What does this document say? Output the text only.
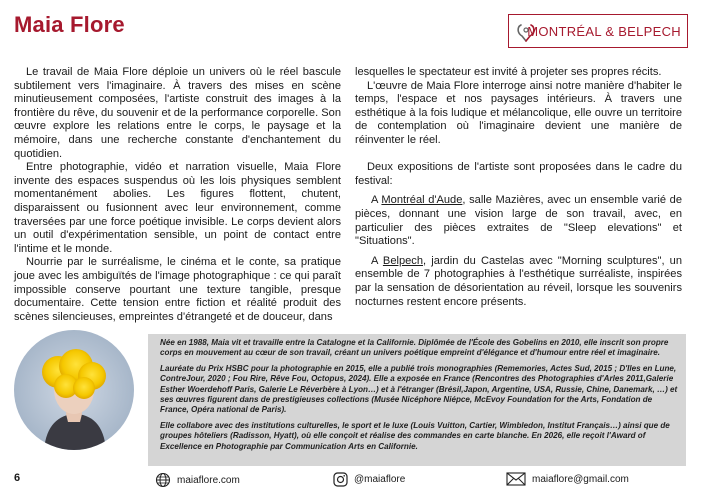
Maia Flore	MONTRÉAL & BELPECH

Le travail de Maia Flore déploie un univers où le réel bascule subtilement vers l'imaginaire. À travers des mises en scène minutieusement composées, l'artiste construit des images à la frontière du rêve, du souvenir et de la performance corporelle. Son œuvre explore les relations entre le corps, le paysage et la mémoire, dans une recherche constante d'enchantement du quotidien.

Entre photographie, vidéo et narration visuelle, Maia Flore invente des espaces suspendus où les lois physiques semblent momentanément abolies. Les figures flottent, chutent, disparaissent ou fusionnent avec leur environnement, comme traversées par une force poétique invisible. Le corps devient alors un outil d'expérimentation sensible, un point de contact entre l'intime et le monde.

Nourrie par le surréalisme, le cinéma et le conte, sa pratique joue avec les ambiguïtés de l'image photographique : ce qui paraît impossible conserve pourtant une texture tangible, presque documentaire. Cette tension entre fiction et réalité produit des scènes silencieuses, empreintes d'étrangeté et de douceur, dans

lesquelles le spectateur est invité à projeter ses propres récits.

L'œuvre de Maia Flore interroge ainsi notre manière d'habiter le temps, l'espace et nos paysages intérieurs. À travers une esthétique à la fois ludique et mélancolique, elle ouvre un territoire de contemplation où l'imaginaire devient une manière de réinventer le réel.

Deux expositions de l'artiste sont proposées dans le cadre du festival:

A Montréal d'Aude, salle Mazières, avec un ensemble varié de pièces, donnant une vision large de son travail, avec, en particulier des pièces extraites de "Sleep elevations" et "Situations".

A Belpech, jardin du Castelas avec "Morning sculptures", un ensemble de 7 photographies à l'esthétique surréaliste, inspirées par la sensation de désorientation au réveil, lorsque les souvenirs nocturnes restent encore présents.

Née en 1988, Maia vit et travaille entre la Catalogne et la Californie. Diplômée de l'École des Gobelins en 2010, elle inscrit son propre corps en mouvement au cœur de son travail, créant un univers poétique empreint d'élégance et d'humour entre réel et imaginaire.

Lauréate du Prix HSBC pour la photographie en 2015, elle a publié trois monographies (Rememories, Actes Sud, 2015 ; D'Iles en Lune, ContreJour, 2020 ; Fou Rire, Rêve Fou, Octopus, 2024). Elle a exposée en France (Rencontres des Photographies d'Arles 2011,Galerie Esther Woerdehoff Paris, Galerie Le Réverbère à Lyon…) et à l'étranger (Brésil,Japon, Argentine, USA, Russie, Chine, Danemark, …) et ses œuvres figurent dans de prestigieuses collections (Musée Nicéphore Niépce, McEvoy Foundation for the Arts, Fondation de France, Opéra national de Paris).

Elle collabore avec des institutions culturelles, le sport et le luxe (Louis Vuitton, Cartier, Wimbledon, Institut Français…) ainsi que de groupes hôteliers (Radisson, Hyatt), où elle conçoit et réalise des commandes en carte blanche. En 2026, elle reçoit l'Award of Excellence en Photographie par Communication Arts en Californie.

6	maiaflore.com	@maiaflore	maiaflore@gmail.com
